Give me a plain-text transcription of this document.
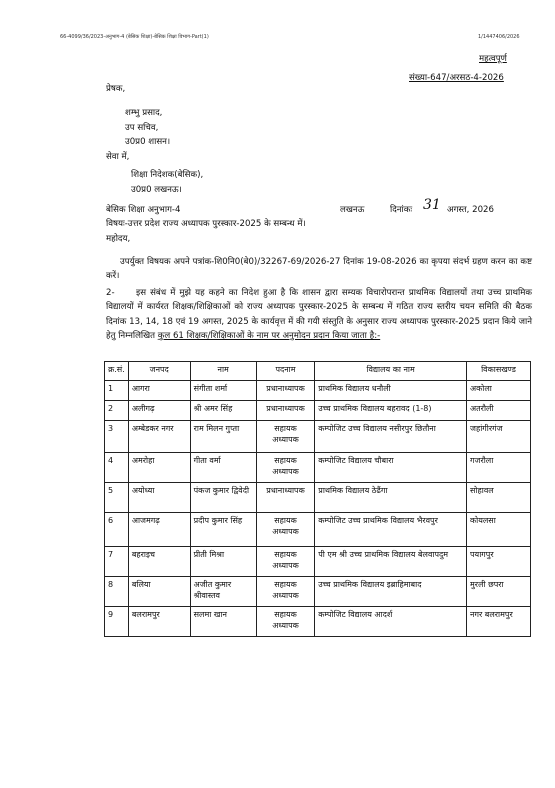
66-4099/36/2023-अनुभाग-4 (बेसिक शिक्षा)-बेसिक शिक्षा विभाग-Part(1)	1/1447406/2026
महत्वपूर्ण
संख्या-647/अरसठ-4-2026
प्रेषक,
शम्भु प्रसाद,
उप सचिव,
उ0प्र0 शासन।
सेवा में,
शिक्षा निदेशक(बेसिक),
उ0प्र0 लखनऊ।
बेसिक शिक्षा अनुभाग-4	लखनऊ	दिनांकः 31 अगस्त, 2026
विषयः-उत्तर प्रदेश राज्य अध्यापक पुरस्कार-2025 के सम्बन्ध में।
महोदय,
उपर्युक्त विषयक अपने पत्रांक-शि0नि0(बे0)/32267-69/2026-27 दिनांक 19-08-2026 का कृपया संदर्भ ग्रहण करन का कष्ट करें।
2- इस संबंध में मुझे यह कहने का निदेश हुआ है कि शासन द्वारा सम्यक विचारोपरान्त प्राथमिक विद्यालयों तथा उच्च प्राथमिक विद्यालयों में कार्यरत शिक्षक/शिक्षिकाओं को राज्य अध्यापक पुरस्कार-2025 के सम्बन्ध में गठित राज्य स्तरीय चयन समिति की बैठक दिनांक 13, 14, 18 एवं 19 अगस्त, 2025 के कार्यवृत्त में की गयी संस्तुति के अनुसार राज्य अध्यापक पुरस्कार-2025 प्रदान किये जाने हेतु निम्नलिखित कुल 61 शिक्षक/शिक्षिकाओं के नाम पर अनुमोदन प्रदान किया जाता है:-
क्र.सं.	जनपद	नाम	पदनाम	विद्यालय का नाम	विकासखण्ड
1	आगरा	संगीता शर्मा	प्रधानाध्यापक	प्राथमिक विद्यालय धनौली	अकोला
2	अलीगढ़	श्री अमर सिंह	प्रधानाध्यापक	उच्च प्राथमिक विद्यालय बहरावद (1-8)	अतरौली
3	अम्बेडकर नगर	राम मिलन गुप्ता	सहायक अध्यापक	कम्पोजिट उच्च विद्यालय नसीरपुर छितौना	जहांगीरगंज
4	अमरोहा	गीता वर्मा	सहायक अध्यापक	कम्पोजिट विद्यालय चौबारा	गजरौला
5	अयोध्या	पंकज कुमार द्विवेदी	प्रधानाध्यापक	प्राथमिक विद्यालय ठेढैंगा	सोहावल
6	आजमगढ़	प्रदीप कुमार सिंह	सहायक अध्यापक	कम्पोजिट उच्च प्राथमिक विद्यालय भैरवपुर	कोयलसा
7	बहराइच	प्रीती मिश्रा	सहायक अध्यापक	पी एम श्री उच्च प्राथमिक विद्यालय बेलवापदुम	पयागपुर
8	बलिया	अजीत कुमार श्रीवास्तव	सहायक अध्यापक	उच्च प्राथमिक विद्यालय इब्राहिमाबाद	मुरली छपरा
9	बलरामपुर	सलमा खान	सहायक अध्यापक	कम्पोजिट विद्यालय आदर्श	नगर बलरामपुर
